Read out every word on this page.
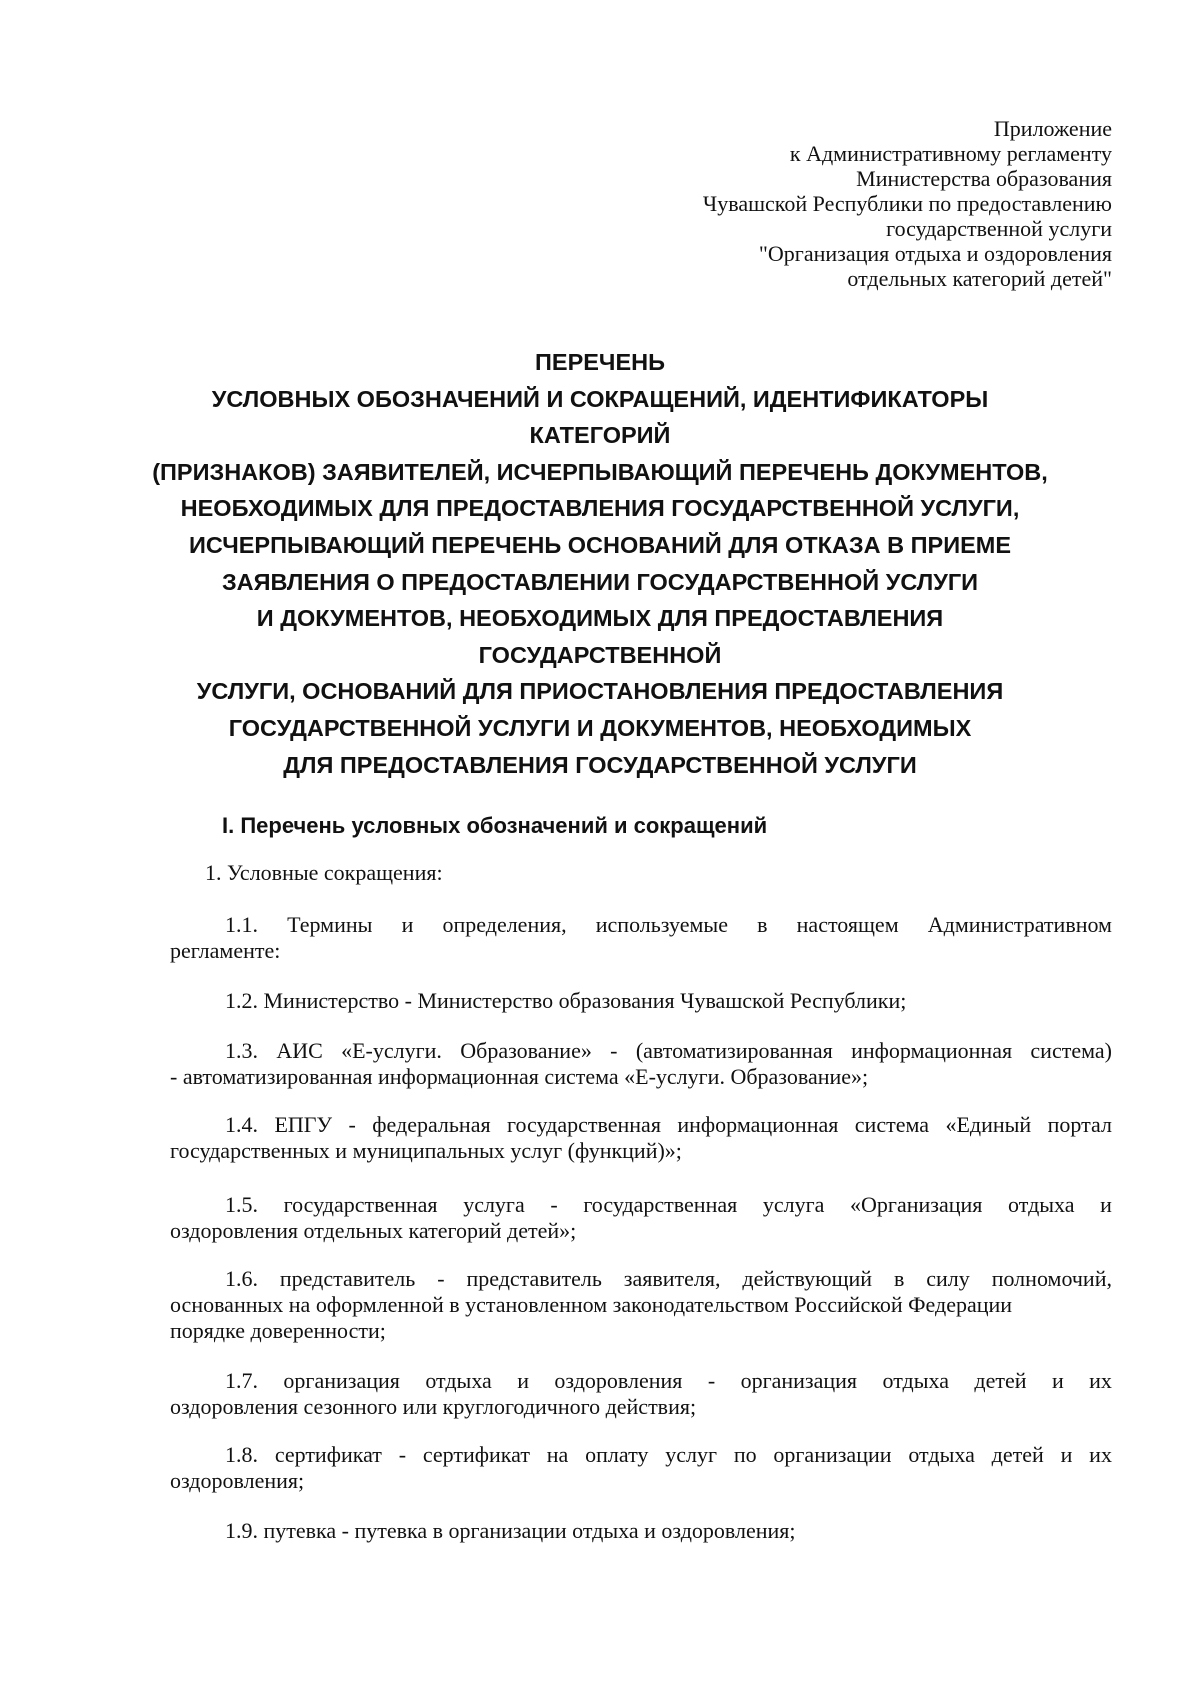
Приложение
к Административному регламенту
Министерства образования
Чувашской Республики по предоставлению
государственной услуги
"Организация отдыха и оздоровления
отдельных категорий детей"
ПЕРЕЧЕНЬ
УСЛОВНЫХ ОБОЗНАЧЕНИЙ И СОКРАЩЕНИЙ, ИДЕНТИФИКАТОРЫ
КАТЕГОРИЙ
(ПРИЗНАКОВ) ЗАЯВИТЕЛЕЙ, ИСЧЕРПЫВАЮЩИЙ ПЕРЕЧЕНЬ ДОКУМЕНТОВ,
НЕОБХОДИМЫХ ДЛЯ ПРЕДОСТАВЛЕНИЯ ГОСУДАРСТВЕННОЙ УСЛУГИ,
ИСЧЕРПЫВАЮЩИЙ ПЕРЕЧЕНЬ ОСНОВАНИЙ ДЛЯ ОТКАЗА В ПРИЕМЕ
ЗАЯВЛЕНИЯ О ПРЕДОСТАВЛЕНИИ ГОСУДАРСТВЕННОЙ УСЛУГИ
И ДОКУМЕНТОВ, НЕОБХОДИМЫХ ДЛЯ ПРЕДОСТАВЛЕНИЯ
ГОСУДАРСТВЕННОЙ
УСЛУГИ, ОСНОВАНИЙ ДЛЯ ПРИОСТАНОВЛЕНИЯ ПРЕДОСТАВЛЕНИЯ
ГОСУДАРСТВЕННОЙ УСЛУГИ И ДОКУМЕНТОВ, НЕОБХОДИМЫХ
ДЛЯ ПРЕДОСТАВЛЕНИЯ ГОСУДАРСТВЕННОЙ УСЛУГИ
I. Перечень условных обозначений и сокращений
1. Условные сокращения:
1.1. Термины и определения, используемые в настоящем Административном
регламенте:
1.2. Министерство - Министерство образования Чувашской Республики;
1.3. АИС «Е-услуги. Образование» - (автоматизированная информационная система)
- автоматизированная информационная система «Е-услуги. Образование»;
1.4. ЕПГУ - федеральная государственная информационная система «Единый портал
государственных и муниципальных услуг (функций)»;
1.5. государственная услуга - государственная услуга «Организация отдыха и
оздоровления отдельных категорий детей»;
1.6. представитель - представитель заявителя, действующий в силу полномочий,
основанных на оформленной в установленном законодательством Российской Федерации
порядке доверенности;
1.7. организация отдыха и оздоровления - организация отдыха детей и их
оздоровления сезонного или круглогодичного действия;
1.8. сертификат - сертификат на оплату услуг по организации отдыха детей и их
оздоровления;
1.9. путевка - путевка в организации отдыха и оздоровления;
